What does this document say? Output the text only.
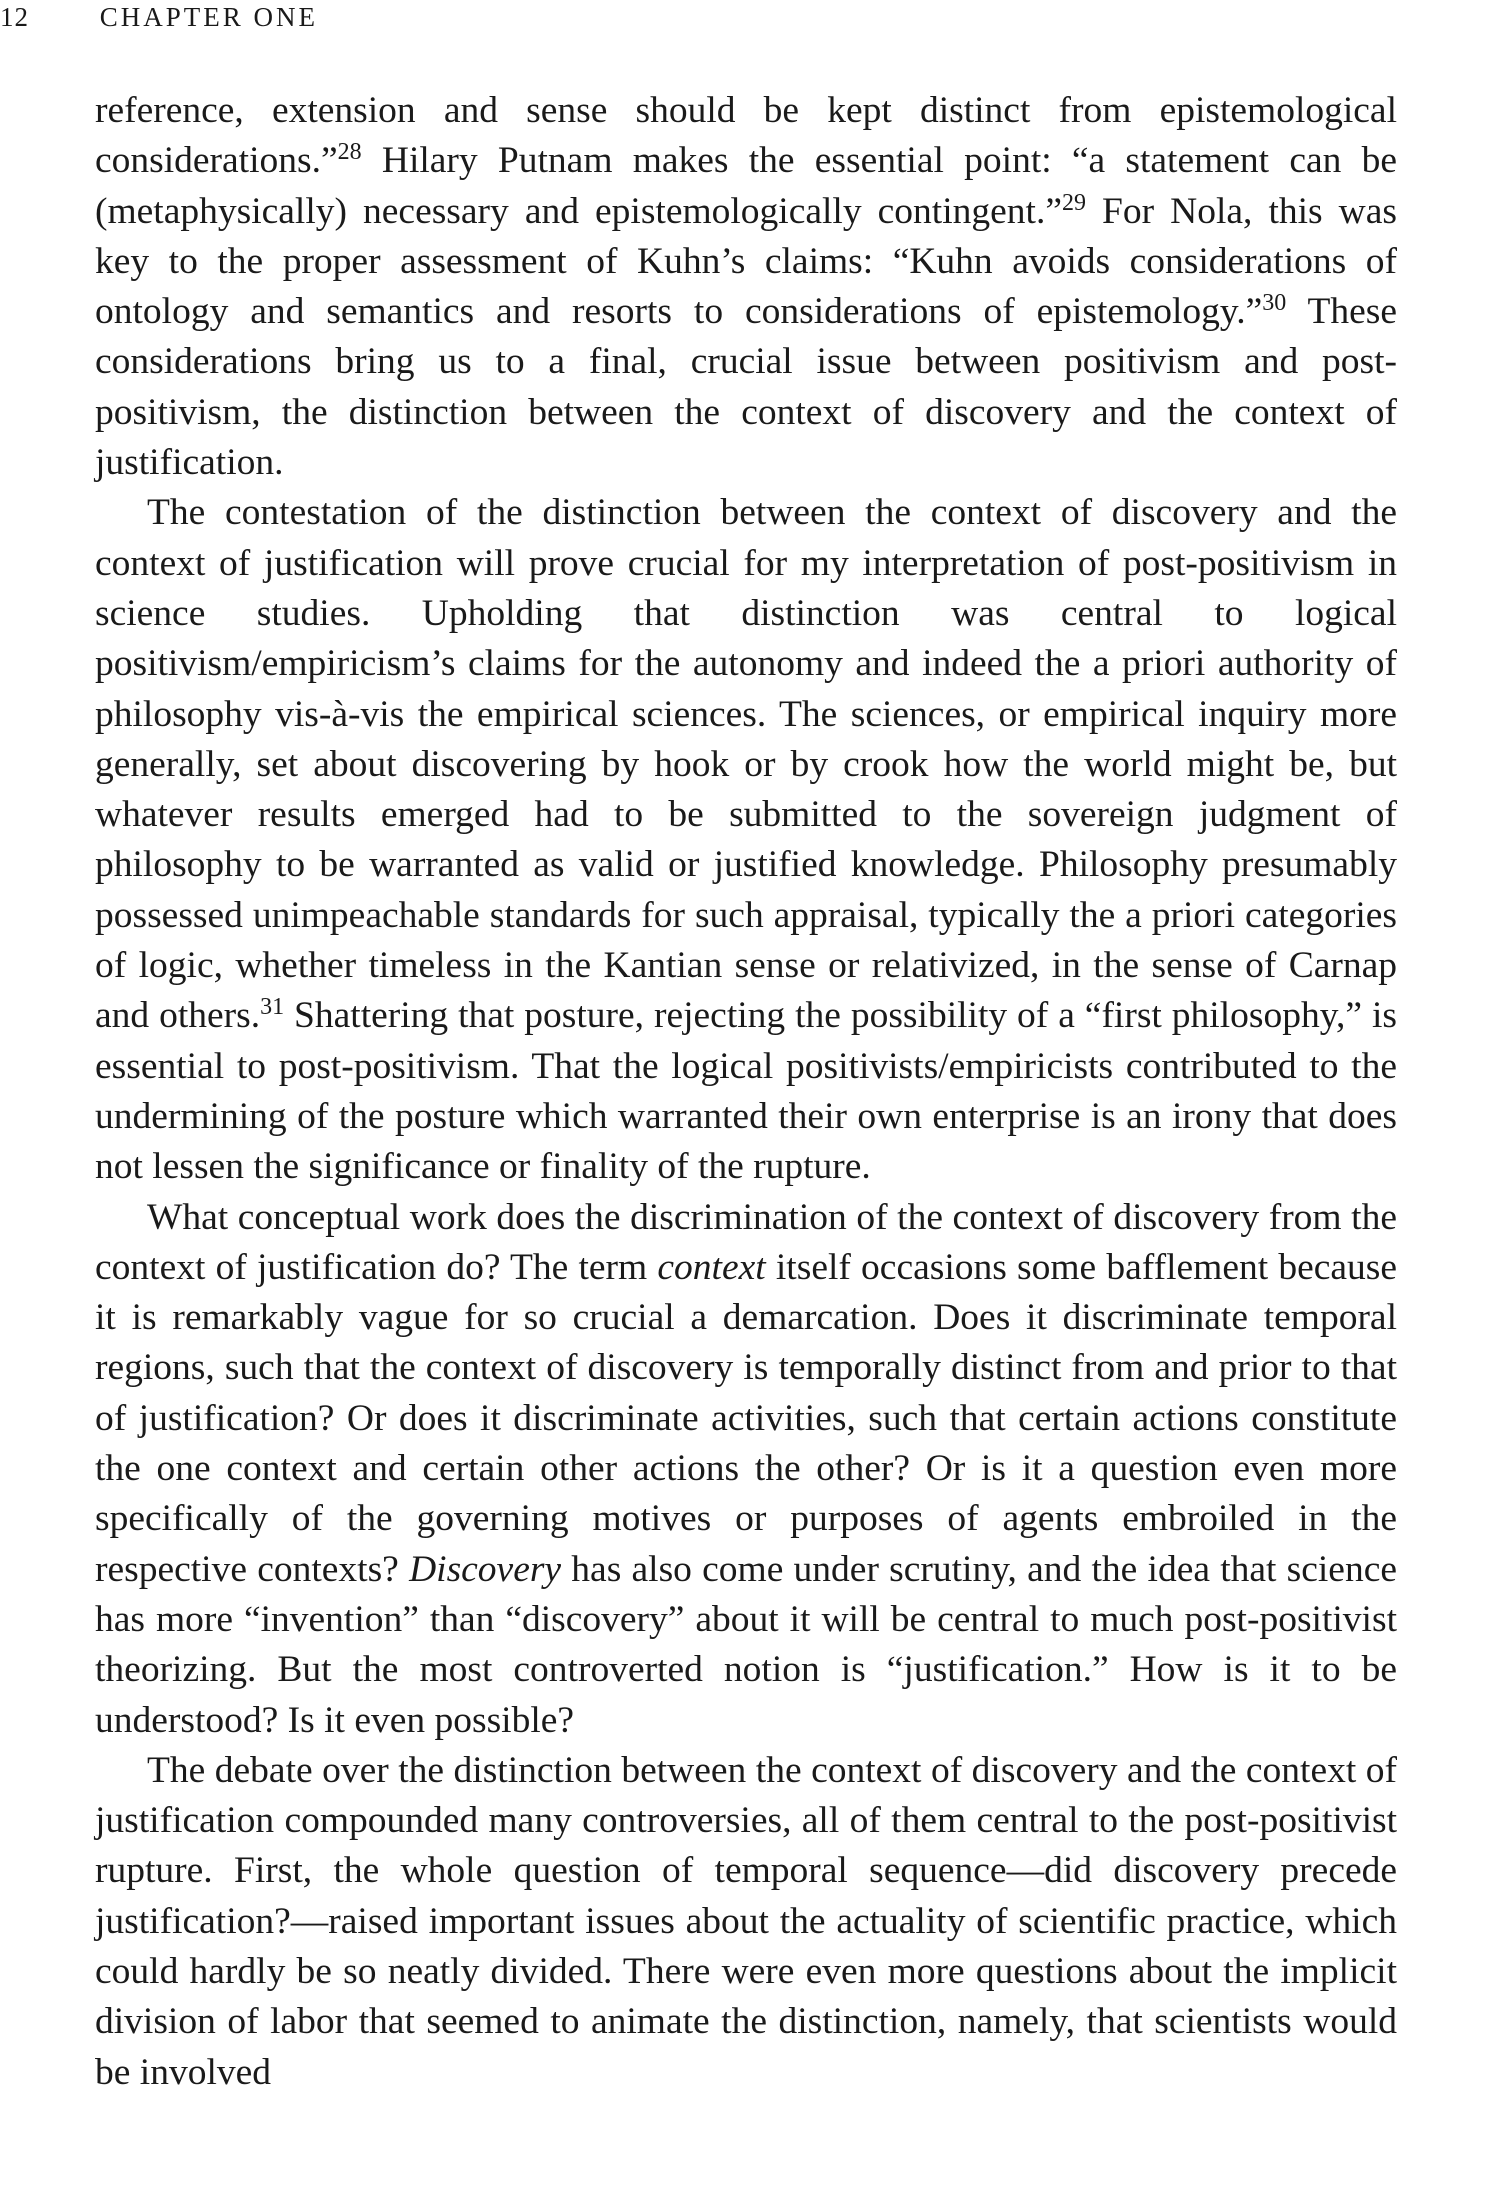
12	CHAPTER ONE

reference, extension and sense should be kept distinct from epistemological considerations.”$^{28}$ Hilary Putnam makes the essential point: “a statement can be (metaphysically) necessary and epistemologically contingent.”$^{29}$ For Nola, this was key to the proper assessment of Kuhn’s claims: “Kuhn avoids considerations of ontology and semantics and resorts to considerations of epistemology.”$^{30}$ These considerations bring us to a final, crucial issue between positivism and post-positivism, the distinction between the context of discovery and the context of justification.

The contestation of the distinction between the context of discovery and the context of justification will prove crucial for my interpretation of post-positivism in science studies. Upholding that distinction was central to logical positivism/empiricism’s claims for the autonomy and indeed the a priori authority of philosophy vis-à-vis the empirical sciences. The sciences, or empirical inquiry more generally, set about discovering by hook or by crook how the world might be, but whatever results emerged had to be submitted to the sovereign judgment of philosophy to be warranted as valid or justified knowledge. Philosophy presumably possessed unimpeachable standards for such appraisal, typically the a priori categories of logic, whether timeless in the Kantian sense or relativized, in the sense of Carnap and others.$^{31}$ Shattering that posture, rejecting the possibility of a “first philosophy,” is essential to post-positivism. That the logical positivists/empiricists contributed to the undermining of the posture which warranted their own enterprise is an irony that does not lessen the significance or finality of the rupture.

What conceptual work does the discrimination of the context of discovery from the context of justification do? The term context itself occasions some bafflement because it is remarkably vague for so crucial a demarcation. Does it discriminate temporal regions, such that the context of discovery is temporally distinct from and prior to that of justification? Or does it discriminate activities, such that certain actions constitute the one context and certain other actions the other? Or is it a question even more specifically of the governing motives or purposes of agents embroiled in the respective contexts? Discovery has also come under scrutiny, and the idea that science has more “invention” than “discovery” about it will be central to much post-positivist theorizing. But the most controverted notion is “justification.” How is it to be understood? Is it even possible?

The debate over the distinction between the context of discovery and the context of justification compounded many controversies, all of them central to the post-positivist rupture. First, the whole question of temporal sequence—did discovery precede justification?—raised important issues about the actuality of scientific practice, which could hardly be so neatly divided. There were even more questions about the implicit division of labor that seemed to animate the distinction, namely, that scientists would be involved
